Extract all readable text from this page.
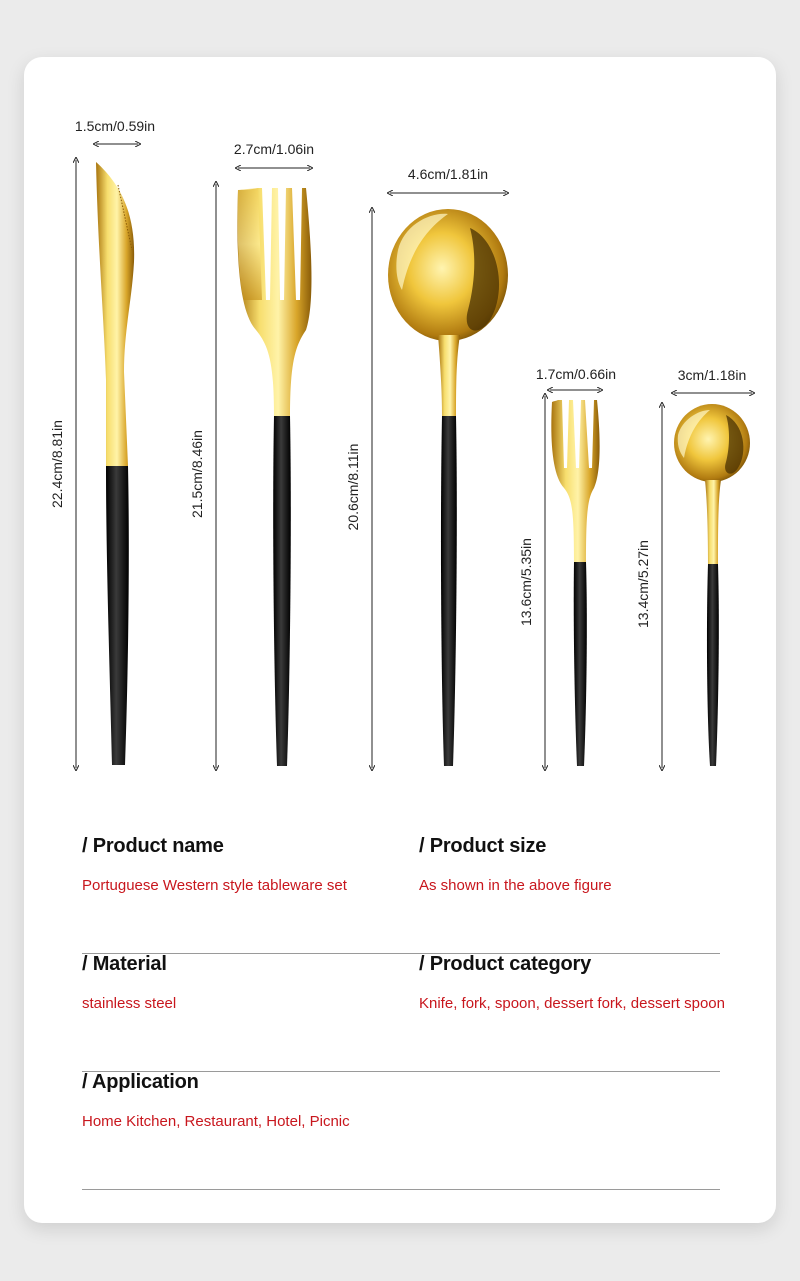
1.5cm/0.59in
22.4cm/8.81in
2.7cm/1.06in
21.5cm/8.46in
4.6cm/1.81in
20.6cm/8.11in
1.7cm/0.66in
13.6cm/5.35in
3cm/1.18in
13.4cm/5.27in
/ Product name
Portuguese Western style tableware set
/ Product size
As shown in the above figure
/ Material
stainless steel
/ Product category
Knife, fork, spoon, dessert fork, dessert spoon
/ Application
Home Kitchen, Restaurant, Hotel, Picnic
